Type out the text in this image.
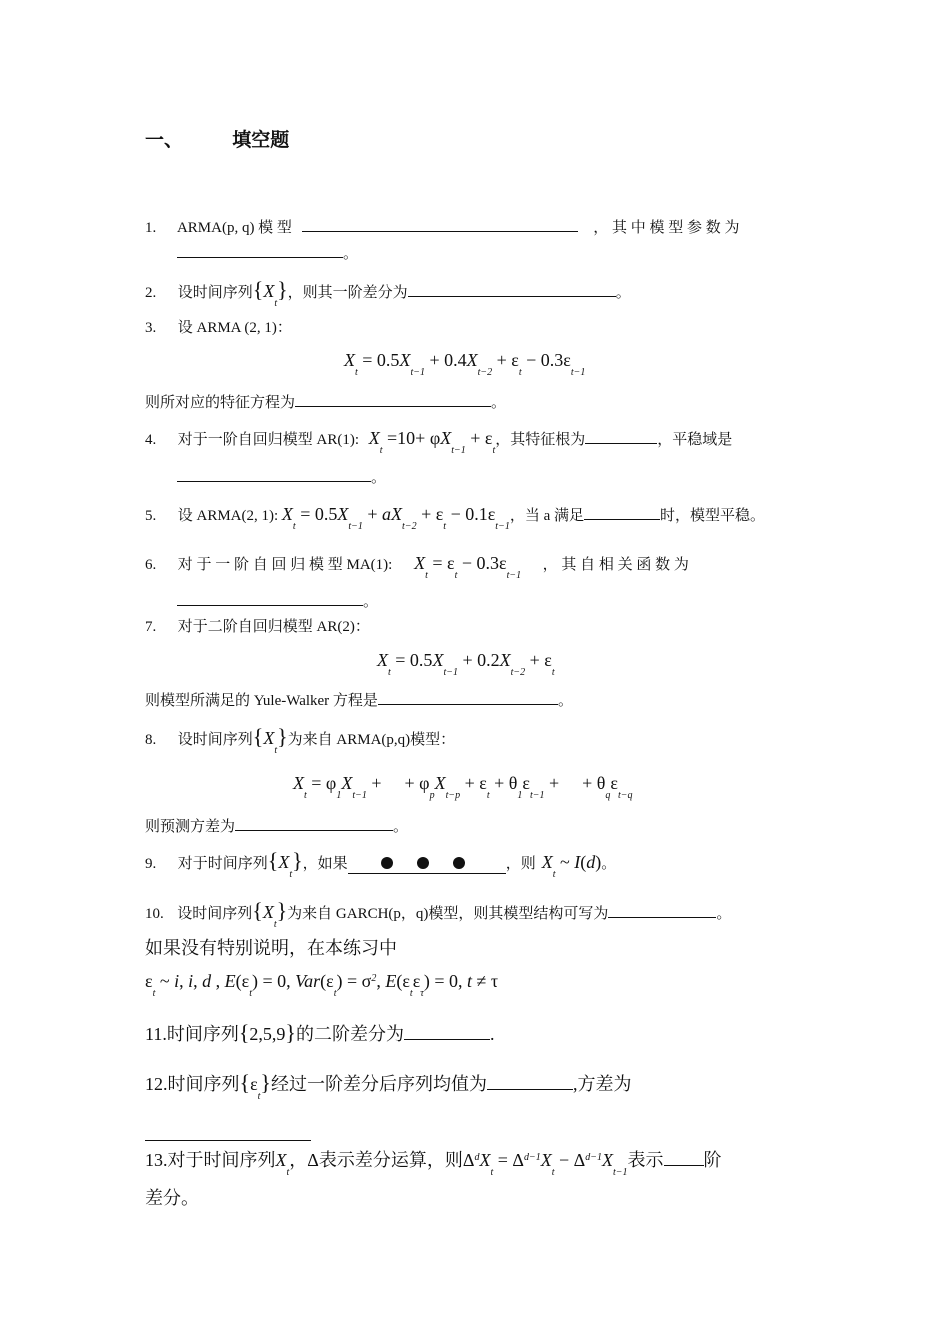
一、	填空题
1. ARMA(p, q) 模 型	， 其 中 模 型 参 数 为
。
2. 设时间序列$\{X_t\}$，则其一阶差分为	。
3. 设 ARMA (2, 1)：
$X_t = 0.5X_{t-1} + 0.4X_{t-2} + \varepsilon_t - 0.3\varepsilon_{t-1}$
则所对应的特征方程为	。
4. 对于一阶自回归模型 AR(1): $X_t =10+ \varphi X_{t-1} + \varepsilon_t$，其特征根为	，平稳域是
。
5. 设 ARMA(2, 1): $X_t = 0.5X_{t-1} + aX_{t-2} + \varepsilon_t - 0.1\varepsilon_{t-1}$，当 a 满足	时，模型平稳。
6. 对 于 一 阶 自 回 归 模 型 MA(1): $X_t = \varepsilon_t - 0.3\varepsilon_{t-1}$  ， 其 自 相 关 函 数 为
。
7. 对于二阶自回归模型 AR(2)：
$X_t = 0.5X_{t-1} + 0.2X_{t-2} + \varepsilon_t$
则模型所满足的 Yule-Walker 方程是	。
8. 设时间序列$\{X_t\}$为来自 ARMA(p,q)模型：
$X_t = \varphi_1X_{t-1}$ +  + $\varphi_pX_{t-p} + \varepsilon_t + \theta_1\varepsilon_{t-1}$ +  + $\theta_q\varepsilon_{t-q}$
则预测方差为	。
9. 对于时间序列$\{X_t\}$，如果	，则 $X_t$ ~ I(d)。
10. 设时间序列$\{X_t\}$为来自 GARCH(p，q)模型，则其模型结构可写为	。
如果没有特别说明，在本练习中
$\varepsilon_t$ ~ i, i, d , $E(\varepsilon_t) = 0$, $Var(\varepsilon_t) = \sigma^2$, $E(\varepsilon_t\varepsilon_\tau) = 0$, t ≠ τ
11.时间序列{2,5,9}的二阶差分为	.
12.时间序列$\{\varepsilon_t\}$经过一阶差分后序列均值为	,方差为
13.对于时间序列$X_t$，Δ表示差分运算，则$\Delta^dX_t = \Delta^{d-1}X_t - \Delta^{d-1}X_{t-1}$表示 阶
差分。
